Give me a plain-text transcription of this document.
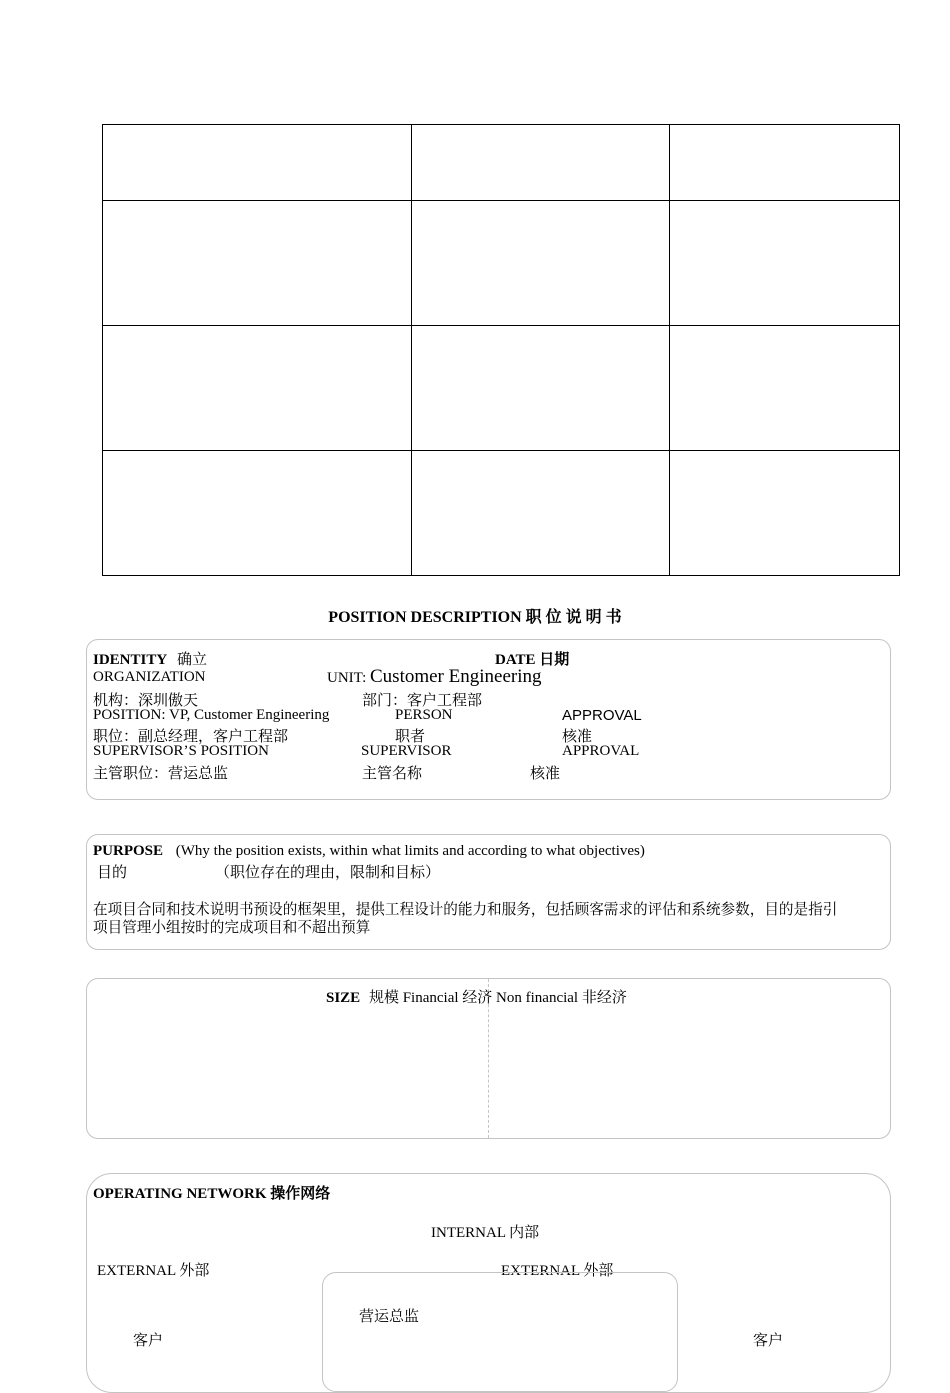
POSITION DESCRIPTION 职 位 说 明 书
IDENTITY 确立	DATE 日期
ORGANIZATION	UNIT: Customer Engineering
机构：深圳傲天	部门：客户工程部
POSITION: VP, Customer Engineering	PERSON	APPROVAL
职位：副总经理，客户工程部	职者	核准
SUPERVISOR’S POSITION	SUPERVISOR	APPROVAL
主管职位：营运总监	主管名称	核准
PURPOSE (Why the position exists, within what limits and according to what objectives)
目的	（职位存在的理由，限制和目标）
在项目合同和技术说明书预设的框架里，提供工程设计的能力和服务，包括顾客需求的评估和系统参数，目的是指引
项目管理小组按时的完成项目和不超出预算
SIZE 规模 Financial 经济 Non financial 非经济
OPERATING NETWORK 操作网络
INTERNAL 内部
EXTERNAL 外部	EXTERNAL 外部
营运总监
客户	客户
